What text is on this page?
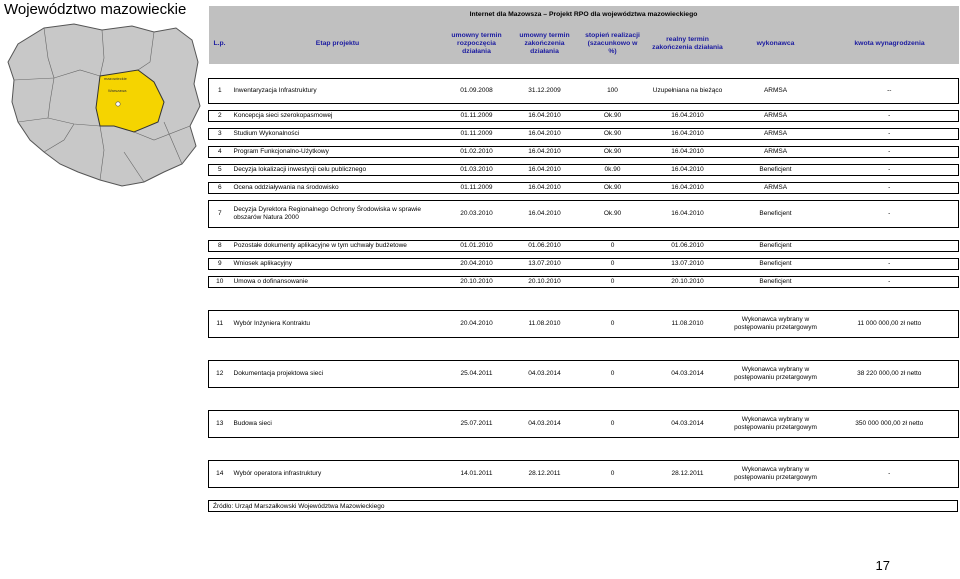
Województwo mazowieckie
mazowieckie
Warszawa
Internet dla Mazowsza – Projekt RPO dla województwa mazowieckiego							
L.p.	Etap projektu	umowny termin rozpoczęcia działania	umowny termin zakończenia działania	stopień realizacji (szacunkowo w %)	realny termin zakończenia działania	wykonawca	kwota wynagrodzenia

1	Inwentaryzacja Infrastruktury	01.09.2008	31.12.2009	100	Uzupełniana na bieżąco	ARMSA	--

2	Koncepcja sieci szerokopasmowej	01.11.2009	16.04.2010	Ok.90	16.04.2010	ARMSA	-

3	Studium Wykonalności	01.11.2009	16.04.2010	Ok.90	16.04.2010	ARMSA	-

4	Program Funkcjonalno-Użytkowy	01.02.2010	16.04.2010	Ok.90	16.04.2010	ARMSA	-

5	Decyzja lokalizacji inwestycji celu publicznego	01.03.2010	16.04.2010	0k.90	16.04.2010	Beneficjent	-

6	Ocena oddziaływania na środowisko	01.11.2009	16.04.2010	Ok.90	16.04.2010	ARMSA	-

7	Decyzja Dyrektora Regionalnego Ochrony Środowiska w sprawie obszarów Natura 2000	20.03.2010	16.04.2010	Ok.90	16.04.2010	Beneficjent	-

8	Pozostałe dokumenty aplikacyjne w tym uchwały budżetowe	01.01.2010	01.06.2010	0	01.06.2010	Beneficjent	

9	Wniosek aplikacyjny	20.04.2010	13.07.2010	0	13.07.2010	Beneficjent	-

10	Umowa o dofinansowanie	20.10.2010	20.10.2010	0	20.10.2010	Beneficjent	-

11	Wybór Inżyniera Kontraktu	20.04.2010	11.08.2010	0	11.08.2010	Wykonawca wybrany w postępowaniu przetargowym	11 000 000,00 zł netto

12	Dokumentacja projektowa sieci	25.04.2011	04.03.2014	0	04.03.2014	Wykonawca wybrany w postępowaniu przetargowym	38 220 000,00 zł netto

13	Budowa sieci	25.07.2011	04.03.2014	0	04.03.2014	Wykonawca wybrany w postępowaniu przetargowym	350 000 000,00 zł netto

14	Wybór operatora infrastruktury	14.01.2011	28.12.2011	0	28.12.2011	Wykonawca wybrany w postępowaniu przetargowym	-
Źródło: Urząd Marszałkowski Województwa Mazowieckiego
17
